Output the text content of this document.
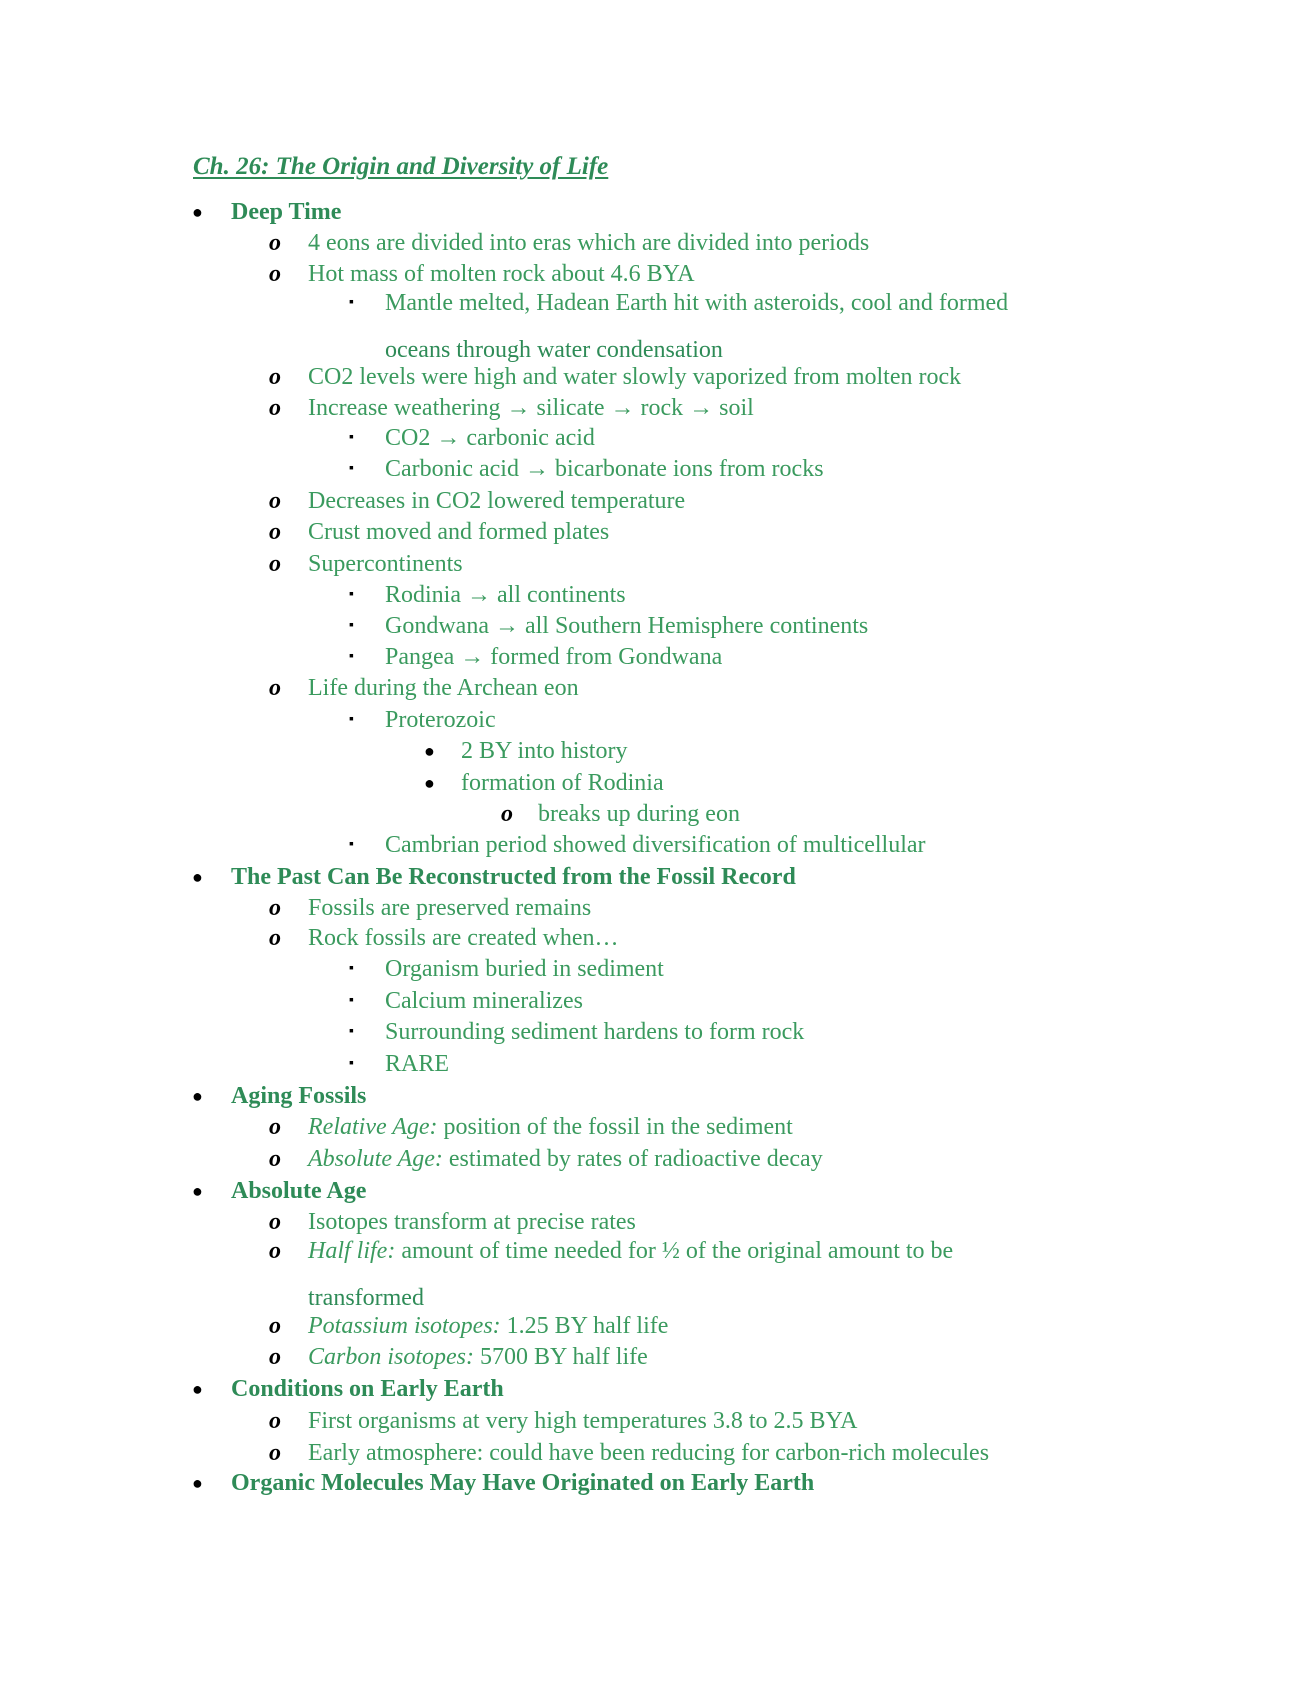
Ch. 26: The Origin and Diversity of Life
● Deep Time
o 4 eons are divided into eras which are divided into periods
o Hot mass of molten rock about 4.6 BYA
▪ Mantle melted, Hadean Earth hit with asteroids, cool and formed
oceans through water condensation
o CO2 levels were high and water slowly vaporized from molten rock
o Increase weathering → silicate → rock → soil
▪ CO2 → carbonic acid
▪ Carbonic acid → bicarbonate ions from rocks
o Decreases in CO2 lowered temperature
o Crust moved and formed plates
o Supercontinents
▪ Rodinia → all continents
▪ Gondwana → all Southern Hemisphere continents
▪ Pangea → formed from Gondwana
o Life during the Archean eon
▪ Proterozoic
● 2 BY into history
● formation of Rodinia
o breaks up during eon
▪ Cambrian period showed diversification of multicellular
● The Past Can Be Reconstructed from the Fossil Record
o Fossils are preserved remains
o Rock fossils are created when…
▪ Organism buried in sediment
▪ Calcium mineralizes
▪ Surrounding sediment hardens to form rock
▪ RARE
● Aging Fossils
o Relative Age: position of the fossil in the sediment
o Absolute Age: estimated by rates of radioactive decay
● Absolute Age
o Isotopes transform at precise rates
o Half life: amount of time needed for ½ of the original amount to be
transformed
o Potassium isotopes: 1.25 BY half life
o Carbon isotopes: 5700 BY half life
● Conditions on Early Earth
o First organisms at very high temperatures 3.8 to 2.5 BYA
o Early atmosphere: could have been reducing for carbon-rich molecules
● Organic Molecules May Have Originated on Early Earth
